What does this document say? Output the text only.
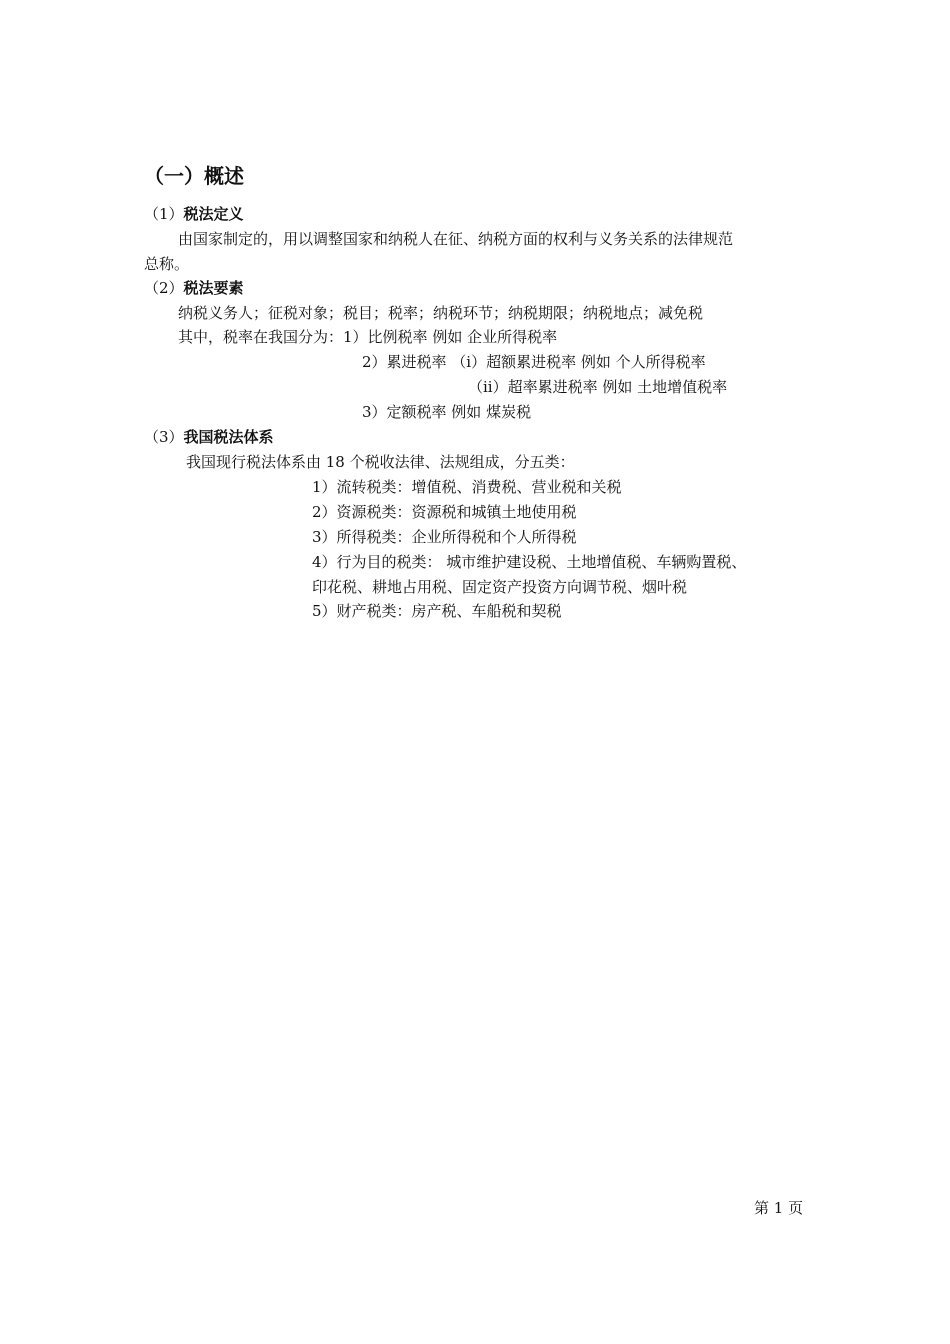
（一）概述
（1）税法定义
由国家制定的，用以调整国家和纳税人在征、纳税方面的权利与义务关系的法律规范
总称。
（2）税法要素
纳税义务人；征税对象；税目；税率；纳税环节；纳税期限；纳税地点；减免税
其中，税率在我国分为：1）比例税率 例如 企业所得税率
2）累进税率 （i）超额累进税率 例如 个人所得税率
（ii）超率累进税率 例如 土地增值税率
3）定额税率 例如 煤炭税
（3）我国税法体系
我国现行税法体系由 18 个税收法律、法规组成，分五类：
1）流转税类：增值税、消费税、营业税和关税
2）资源税类：资源税和城镇土地使用税
3）所得税类：企业所得税和个人所得税
4）行为目的税类： 城市维护建设税、土地增值税、车辆购置税、
印花税、耕地占用税、固定资产投资方向调节税、烟叶税
5）财产税类：房产税、车船税和契税
第 1 页
